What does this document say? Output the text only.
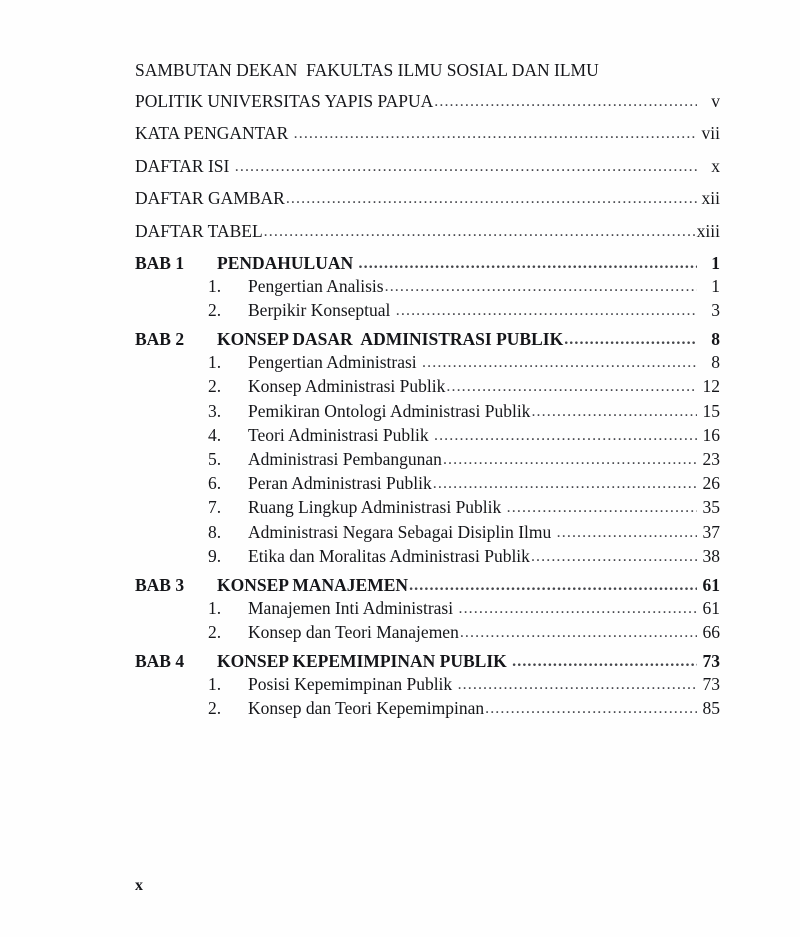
SAMBUTAN DEKAN  FAKULTAS ILMU SOSIAL DAN ILMU
POLITIK UNIVERSITAS YAPIS PAPUA .....	v
KATA PENGANTAR .....	vii
DAFTAR ISI .....	x
DAFTAR GAMBAR .....	xii
DAFTAR TABEL .....	xiii
BAB 1	PENDAHULUAN .....	1
1.	Pengertian Analisis .....	1
2.	Berpikir Konseptual .....	3
BAB 2	KONSEP DASAR  ADMINISTRASI PUBLIK .....	8
1.	Pengertian Administrasi .....	8
2.	Konsep Administrasi Publik .....	12
3.	Pemikiran Ontologi Administrasi Publik .....	15
4.	Teori Administrasi Publik .....	16
5.	Administrasi Pembangunan .....	23
6.	Peran Administrasi Publik .....	26
7.	Ruang Lingkup Administrasi Publik .....	35
8.	Administrasi Negara Sebagai Disiplin Ilmu .....	37
9.	Etika dan Moralitas Administrasi Publik .....	38
BAB 3	KONSEP MANAJEMEN .....	61
1.	Manajemen Inti Administrasi .....	61
2.	Konsep dan Teori Manajemen .....	66
BAB 4	KONSEP KEPEMIMPINAN PUBLIK .....	73
1.	Posisi Kepemimpinan Publik .....	73
2.	Konsep dan Teori Kepemimpinan .....	85
x
